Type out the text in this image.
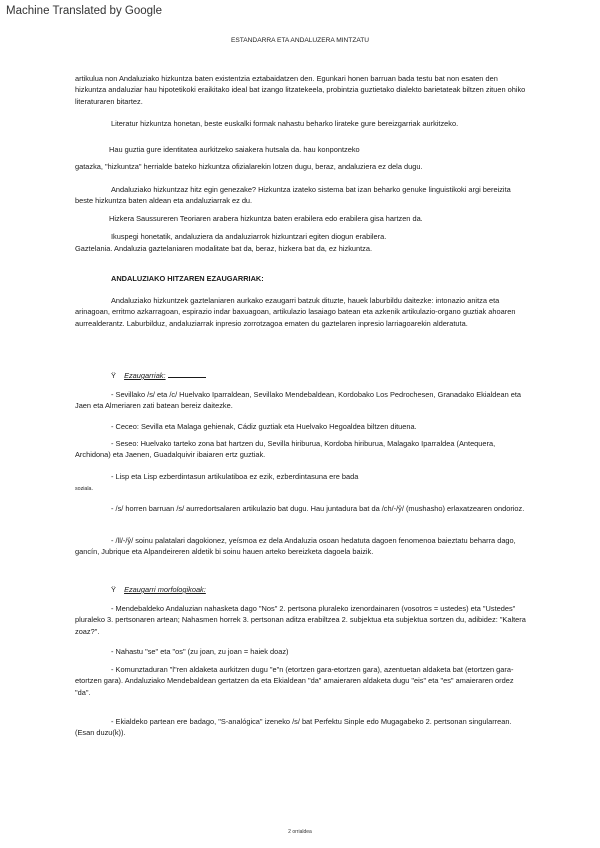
Machine Translated by Google
ESTANDARRA ETA ANDALUZERA MINTZATU

artikulua non Andaluziako hizkuntza baten existentzia eztabaidatzen den. Egunkari honen barruan bada testu bat non esaten den hizkuntza andaluziar hau hipotetikoki eraikitako ideal bat izango litzatekeela, probintzia guztietako dialekto barietateak biltzen zituen ohiko literaturaren bitartez.

Literatur hizkuntza honetan, beste euskalki formak nahastu beharko lirateke gure bereizgarriak aurkitzeko.

Hau guztia gure identitatea aurkitzeko saiakera hutsala da. hau konpontzeko

gatazka, "hizkuntza" herrialde bateko hizkuntza ofizialarekin lotzen dugu, beraz, andaluziera ez dela dugu.

Andaluziako hizkuntzaz hitz egin genezake? Hizkuntza izateko sistema bat izan beharko genuke linguistikoki argi bereizita beste hizkuntza baten aldean eta andaluziarrak ez du.

Hizkera Saussureren Teoriaren arabera hizkuntza baten erabilera edo erabilera gisa hartzen da.

Ikuspegi honetatik, andaluziera da andaluziarrok hizkuntzari egiten diogun erabilera.

Gaztelania. Andaluzia gaztelaniaren modalitate bat da, beraz, hizkera bat da, ez hizkuntza.

ANDALUZIAKO HITZAREN EZAUGARRIAK:

Andaluziako hizkuntzek gaztelaniaren aurkako ezaugarri batzuk dituzte, hauek laburbildu daitezke: intonazio anitza eta arinagoan, erritmo azkarragoan, espirazio indar baxuagoan, artikulazio lasaiago batean eta azkenik artikulazio-organo guztiak ahoaren aurrealderantz. Laburbilduz, andaluziarrak inpresio zorrotzagoa ematen du gaztelaren inpresio larriagoarekin alderatuta.

Ÿ Ezaugarriak:

- Sevillako /s/ eta /c/ Huelvako Iparraldean, Sevillako Mendebaldean, Kordobako Los Pedrochesen, Granadako Ekialdean eta Jaen eta Almeriaren zati batean bereiz daitezke.

- Ceceo: Sevilla eta Malaga gehienak, Cádiz guztiak eta Huelvako Hegoaldea biltzen dituena.

- Seseo: Huelvako tarteko zona bat hartzen du, Sevilla hiriburua, Kordoba hiriburua, Malagako Iparraldea (Antequera, Archidona) eta Jaenen, Guadalquivir ibaiaren ertz guztiak.

- Lisp eta Lisp ezberdintasun artikulatiboa ez ezik, ezberdintasuna ere bada

soziala.

- /s/ horren barruan /s/ aurredortsalaren artikulazio bat dugu. Hau juntadura bat da /ch/-/ŷ/ (mushasho) erlaxatzearen ondorioz.

- /ll/-/ŷ/ soinu palatalari dagokionez, yeísmoa ez dela Andaluzia osoan hedatuta dagoen fenomenoa baieztatu beharra dago, gancín, Jubrique eta Alpandeireren aldetik bi soinu hauen arteko bereizketa dagoela baizik.

Ÿ Ezaugarri morfologikoak:

- Mendebaldeko Andaluzian nahasketa dago "Nos" 2. pertsona pluraleko izenordainaren (vosotros = ustedes) eta "Ustedes" pluraleko 3. pertsonaren artean; Nahasmen horrek 3. pertsonan aditza erabiltzea 2. subjektua eta subjektua sortzen du, adibidez: "Kaltera zoaz?".

- Nahastu "se" eta "os" (zu joan, zu joan = haiek doaz)

- Komunztaduran "l"ren aldaketa aurkitzen dugu "e"n (etortzen gara-etortzen gara), azentuetan aldaketa bat (etortzen gara-etortzen gara). Andaluziako Mendebaldean gertatzen da eta Ekialdean "da" amaieraren aldaketa dugu "eis" eta "es" amaieraren ordez "da".

- Ekialdeko partean ere badago, "S-analógica" izeneko /s/ bat Perfektu Sinple edo Mugagabeko 2. pertsonan singularrean. (Esan duzu(k)).

2 orrialdea
